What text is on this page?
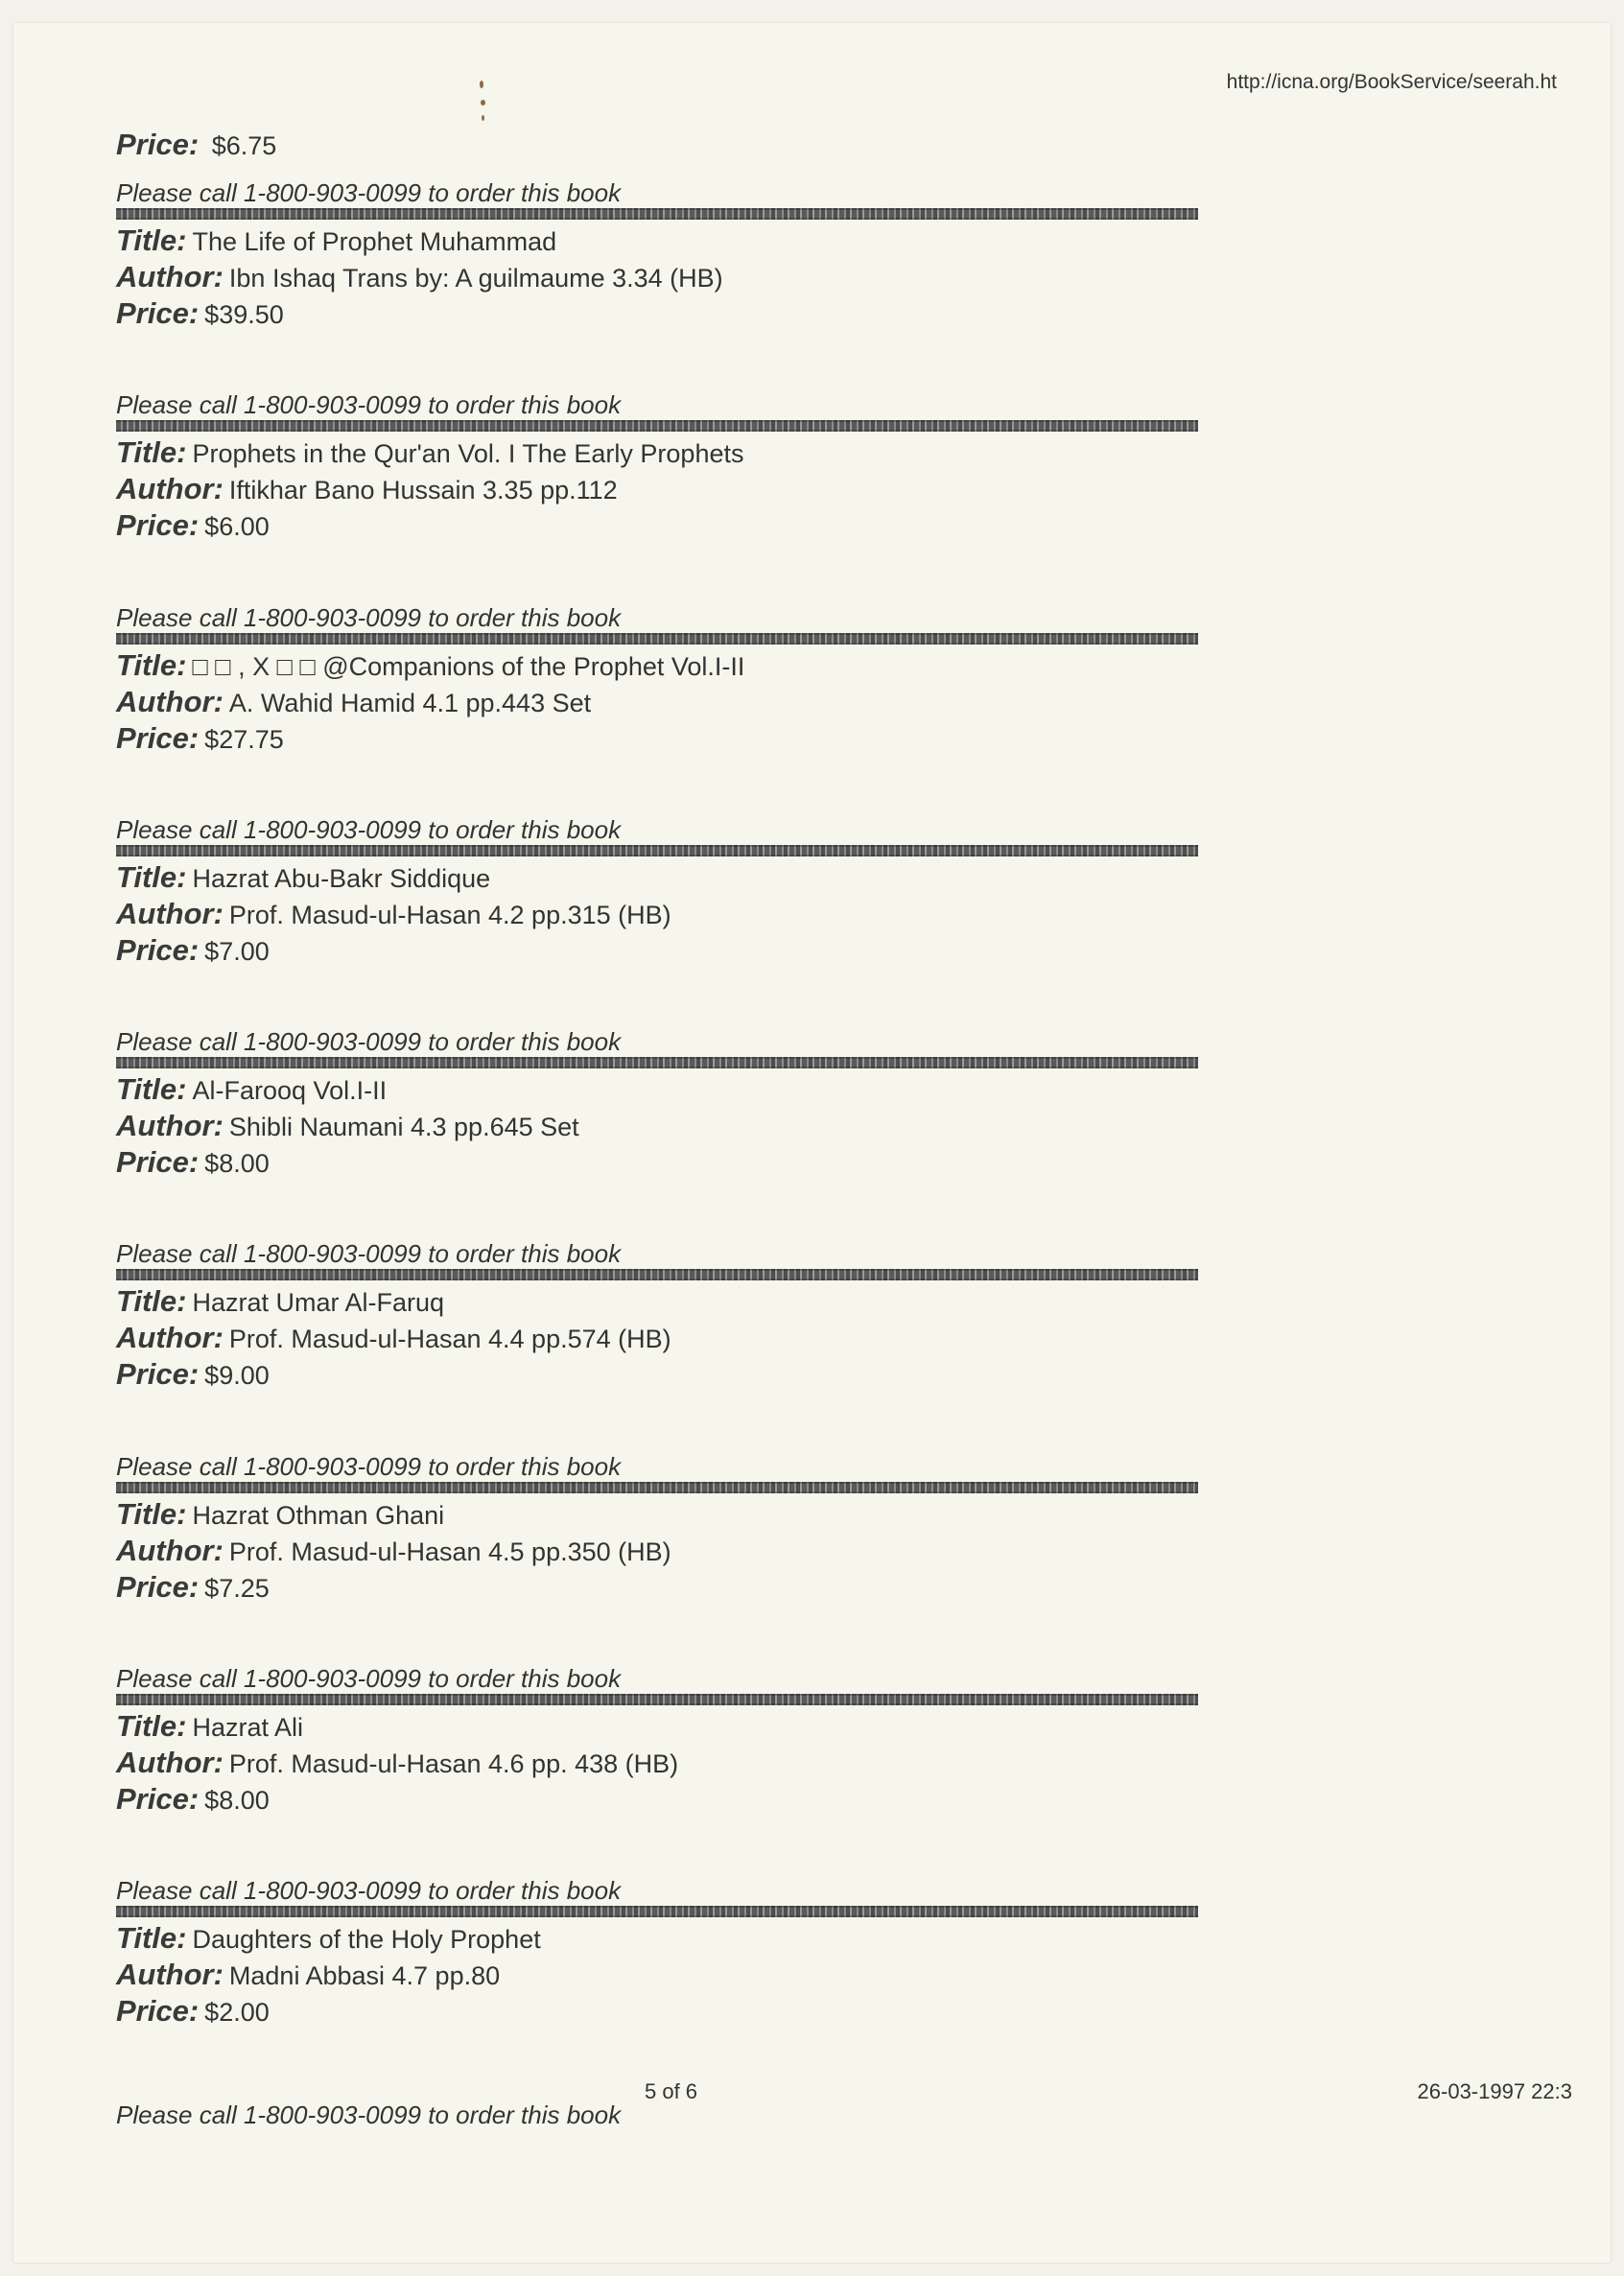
http://icna.org/BookService/seerah.ht
Price: $6.75
Please call 1-800-903-0099 to order this book
Title: The Life of Prophet Muhammad
Author: Ibn Ishaq Trans by: A guilmaume 3.34 (HB)
Price: $39.50
Please call 1-800-903-0099 to order this book
Title: Prophets in the Qur'an Vol. I The Early Prophets
Author: Iftikhar Bano Hussain 3.35 pp.112
Price: $6.00
Please call 1-800-903-0099 to order this book
Title: □ □ , X □ □ @Companions of the Prophet Vol.I-II
Author: A. Wahid Hamid 4.1 pp.443 Set
Price: $27.75
Please call 1-800-903-0099 to order this book
Title: Hazrat Abu-Bakr Siddique
Author: Prof. Masud-ul-Hasan 4.2 pp.315 (HB)
Price: $7.00
Please call 1-800-903-0099 to order this book
Title: Al-Farooq Vol.I-II
Author: Shibli Naumani 4.3 pp.645 Set
Price: $8.00
Please call 1-800-903-0099 to order this book
Title: Hazrat Umar Al-Faruq
Author: Prof. Masud-ul-Hasan 4.4 pp.574 (HB)
Price: $9.00
Please call 1-800-903-0099 to order this book
Title: Hazrat Othman Ghani
Author: Prof. Masud-ul-Hasan 4.5 pp.350 (HB)
Price: $7.25
Please call 1-800-903-0099 to order this book
Title: Hazrat Ali
Author: Prof. Masud-ul-Hasan 4.6 pp. 438 (HB)
Price: $8.00
Please call 1-800-903-0099 to order this book
Title: Daughters of the Holy Prophet
Author: Madni Abbasi 4.7 pp.80
Price: $2.00
Please call 1-800-903-0099 to order this book
5 of 6	26-03-1997 22:3
